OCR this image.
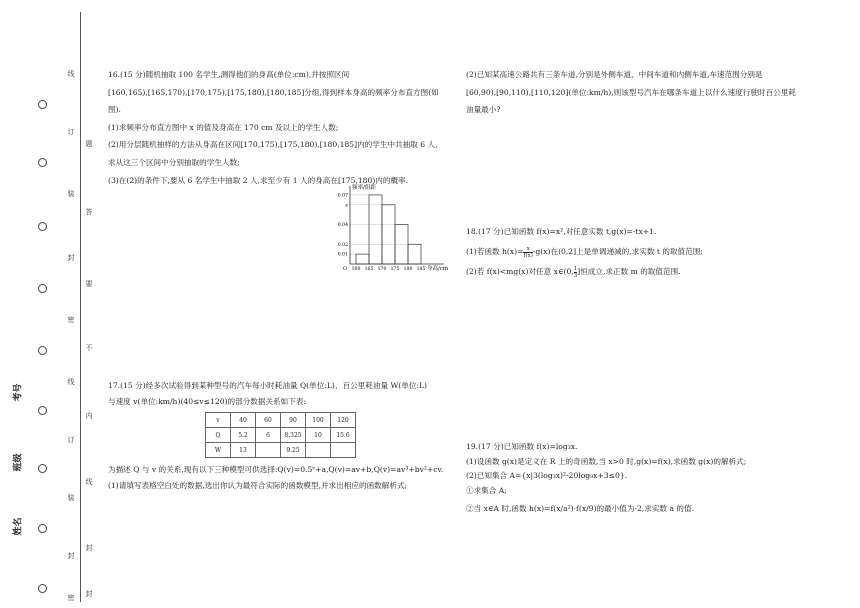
线
订
装
封
密
线
订
装
封
密
题
答
要
不
内
线
封
封
考号
班级
姓名

16.(15 分)随机抽取 100 名学生,测得他们的身高(单位:cm),并按照区间

[160,165),[165,170),[170,175),[175,180),[180,185]分组,得到样本身高的频率分布直方图(如

图).

(1)求频率分布直方图中 x 的值及身高在 170 cm 及以上的学生人数;

(2)用分层随机抽样的方法从身高在区间[170,175),[175,180),[180,185]内的学生中共抽取 6 人,

求从这三个区间中分别抽取的学生人数;

(3)在(2)的条件下,要从 6 名学生中抽取 2 人,求至少有 1 人的身高在[175,180)内的概率.

160 165 170 175 180 185
0.07
x
0.04
0.02
0.01
频率/组距
身高/cm
O

17.(15 分)经多次试验得到某种型号的汽车每小时耗油量 Q(单位:L)、百公里耗油量 W(单位:L)

与速度 v(单位:km/h)(40≤v≤120)的部分数据关系如下表:

v	40	60	90	100	120
Q	5.2	6	8.325	10	15.6
W	13		9.25		

为描述 Q 与 v 的关系,现有以下三种模型可供选择:Q(v)=0.5ᵛ+a,Q(v)=av+b,Q(v)=av³+bv²+cv.

(1)请填写表格空白处的数据,选出你认为最符合实际的函数模型,并求出相应的函数解析式;

(2)已知某高速公路共有三条车道,分别是外侧车道、中间车道和内侧车道,车速范围分别是

[60,90),[90,110),[110,120](单位:km/h),则该型号汽车在哪条车道上以什么速度行驶时百公里耗

油量最小?

18.(17 分)已知函数 f(x)=x²,对任意实数 t,g(x)=-tx+1.

(1)若函数 $h(x)= \frac{x}{f(x)} -g(x)$在(0,2]上是单调递减的,求实数 t 的取值范围;

(2)若 f(x)<mg(x)对任意 x∈(0, $\frac{1}{3}$ ]恒成立,求正数 m 的取值范围.

19.(17 分)已知函数 f(x)=log₃x.

(1)设函数 g(x)是定义在 R 上的奇函数,当 x>0 时,g(x)=f(x),求函数 g(x)的解析式;

(2)已知集合 A={x|3(log₃x)²-20log₉x+3≤0}.

①求集合 A;

②当 x∈A 时,函数 h(x)=f(x/a²)·f(x/9)的最小值为-2,求实数 a 的值.
